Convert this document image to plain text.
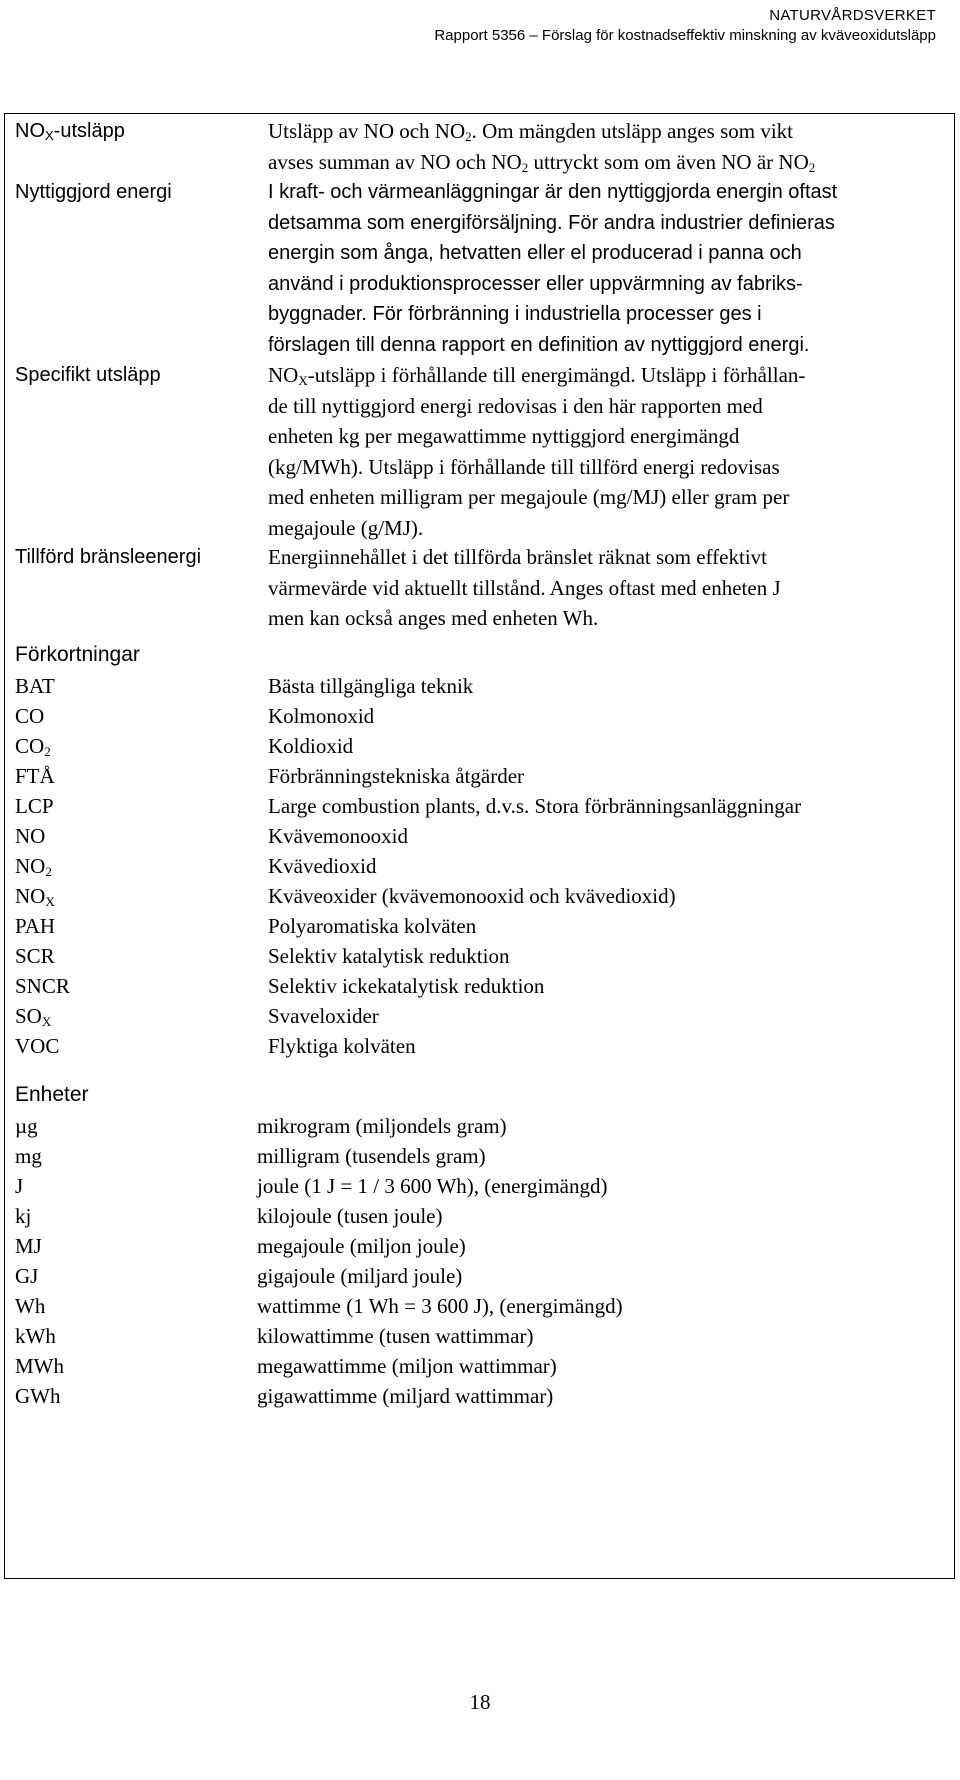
NATURVÅRDSVERKET
Rapport 5356 – Förslag för kostnadseffektiv minskning av kväveoxidutsläpp
$NO_X$-utsläpp	Utsläpp av NO och $NO_2$. Om mängden utsläpp anges som vikt

avses summan av NO och $NO_2$ uttryckt som om även NO är $NO_2$

Nyttiggjord energi	I kraft- och värmeanläggningar är den nyttiggjorda energin oftast

detsamma som energiförsäljning. För andra industrier definieras

energin som ånga, hetvatten eller el producerad i panna och

använd i produktionsprocesser eller uppvärmning av fabriks-

byggnader. För förbränning i industriella processer ges i

förslagen till denna rapport en definition av nyttiggjord energi.

Specifikt utsläpp	$NO_X$-utsläpp i förhållande till energimängd. Utsläpp i förhållan-

de till nyttiggjord energi redovisas i den här rapporten med

enheten kg per megawattimme nyttiggjord energimängd

(kg/MWh). Utsläpp i förhållande till tillförd energi redovisas

med enheten milligram per megajoule (mg/MJ) eller gram per

megajoule (g/MJ).

Tillförd bränsleenergi	Energiinnehållet i det tillförda bränslet räknat som effektivt

värmevärde vid aktuellt tillstånd. Anges oftast med enheten J

men kan också anges med enheten Wh.

Förkortningar
BAT	Bästa tillgängliga teknik
CO	Kolmonoxid
$CO_2$	Koldioxid
FTÅ	Förbränningstekniska åtgärder
LCP	Large combustion plants, d.v.s. Stora förbränningsanläggningar
NO	Kvävemonooxid
$NO_2$	Kvävedioxid
$NO_X$	Kväveoxider (kvävemonooxid och kvävedioxid)
PAH	Polyaromatiska kolväten
SCR	Selektiv katalytisk reduktion
SNCR	Selektiv ickekatalytisk reduktion
$SO_X$	Svaveloxider
VOC	Flyktiga kolväten
Enheter
µg	mikrogram (miljondels gram)
mg	milligram (tusendels gram)
J	joule (1 J = 1 / 3 600 Wh), (energimängd)
kj	kilojoule (tusen joule)
MJ	megajoule (miljon joule)
GJ	gigajoule (miljard joule)
Wh	wattimme (1 Wh = 3 600 J), (energimängd)
kWh	kilowattimme (tusen wattimmar)
MWh	megawattimme (miljon wattimmar)
GWh	gigawattimme (miljard wattimmar)
18
